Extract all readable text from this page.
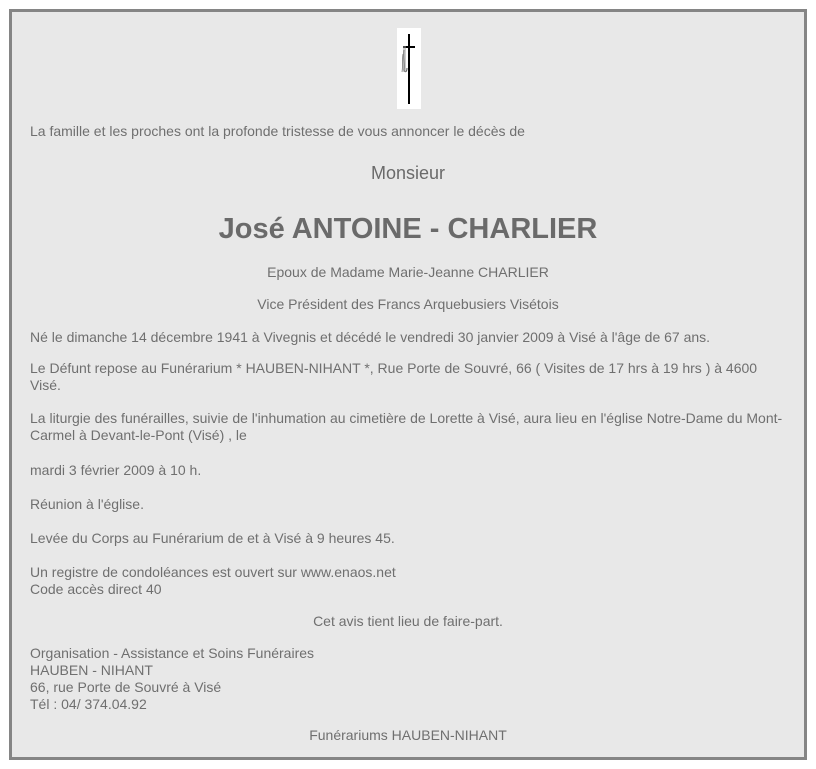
La famille et les proches ont la profonde tristesse de vous annoncer le décès de

Monsieur

José ANTOINE - CHARLIER

Epoux de Madame Marie-Jeanne CHARLIER

Vice Président des Francs Arquebusiers Visétois

Né le dimanche 14 décembre 1941 à Vivegnis et décédé le vendredi 30 janvier 2009 à Visé à l'âge de 67 ans.

Le Défunt repose au Funérarium * HAUBEN-NIHANT *, Rue Porte de Souvré, 66 ( Visites de 17 hrs à 19 hrs ) à 4600 Visé.

La liturgie des funérailles, suivie de l'inhumation au cimetière de Lorette à Visé, aura lieu en l'église Notre-Dame du Mont-Carmel à Devant-le-Pont (Visé) , le

mardi 3 février 2009 à 10 h.

Réunion à l'église.

Levée du Corps au Funérarium de et à Visé à 9 heures 45.

Un registre de condoléances est ouvert sur www.enaos.net

Code accès direct 40

Cet avis tient lieu de faire-part.

Organisation - Assistance et Soins Funéraires

HAUBEN - NIHANT

66, rue Porte de Souvré à Visé

Tél : 04/ 374.04.92

Funérariums HAUBEN-NIHANT
